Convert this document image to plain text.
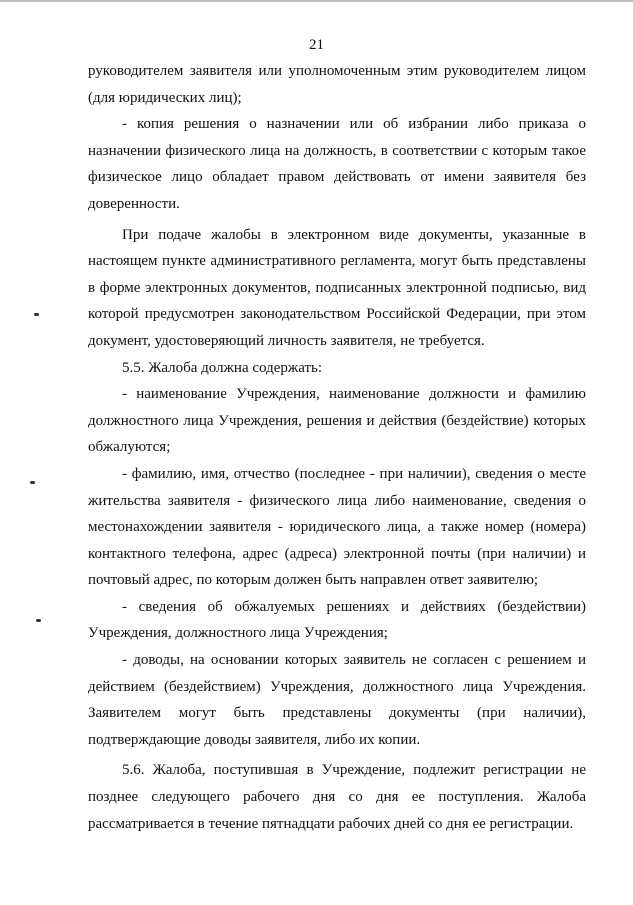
21

руководителем заявителя или уполномоченным этим руководителем лицом (для юридических лиц);

- копия решения о назначении или об избрании либо приказа о назначении физического лица на должность, в соответствии с которым такое физическое лицо обладает правом действовать от имени заявителя без доверенности.

При подаче жалобы в электронном виде документы, указанные в настоящем пункте административного регламента, могут быть представлены в форме электронных документов, подписанных электронной подписью, вид которой предусмотрен законодательством Российской Федерации, при этом документ, удостоверяющий личность заявителя, не требуется.

5.5. Жалоба должна содержать:

- наименование Учреждения, наименование должности и фамилию должностного лица Учреждения, решения и действия (бездействие) которых обжалуются;

- фамилию, имя, отчество (последнее - при наличии), сведения о месте жительства заявителя - физического лица либо наименование, сведения о местонахождении заявителя - юридического лица, а также номер (номера) контактного телефона, адрес (адреса) электронной почты (при наличии) и почтовый адрес, по которым должен быть направлен ответ заявителю;

- сведения об обжалуемых решениях и действиях (бездействии) Учреждения, должностного лица Учреждения;

- доводы, на основании которых заявитель не согласен с решением и действием (бездействием) Учреждения, должностного лица Учреждения. Заявителем могут быть представлены документы (при наличии), подтверждающие доводы заявителя, либо их копии.

5.6. Жалоба, поступившая в Учреждение, подлежит регистрации не позднее следующего рабочего дня со дня ее поступления. Жалоба рассматривается в течение пятнадцати рабочих дней со дня ее регистрации.
